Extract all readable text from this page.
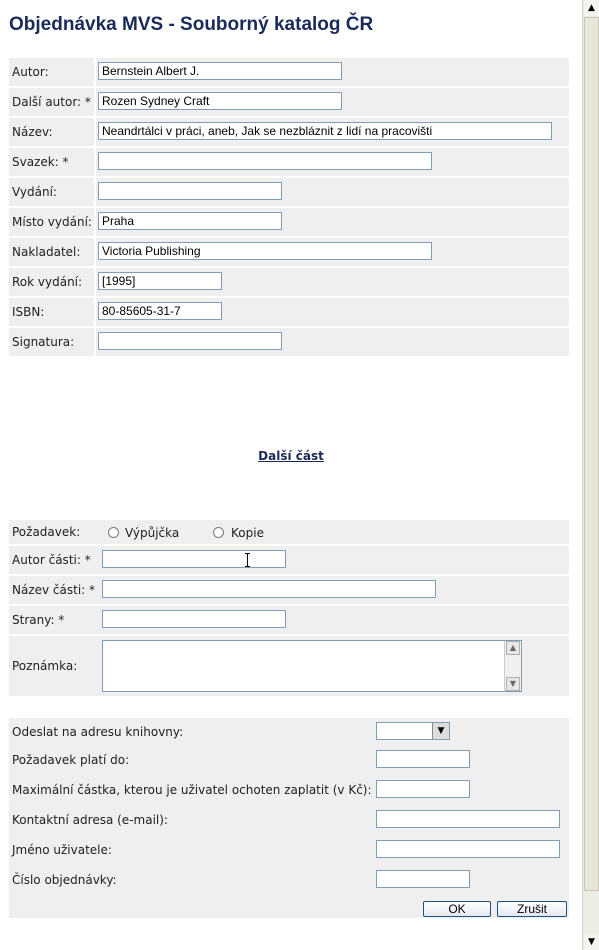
Objednávka MVS - Souborný katalog ČR
Autor:	Bernstein Albert J.
Další autor: * Rozen Sydney Craft
Název:	Neandrtálci v práci, aneb, Jak se nezbláznit z lidí na pracovišti
Svazek: *
Vydání:
Místo vydání: Praha
Nakladatel:	Victoria Publishing
Rok vydání:	[1995]
ISBN:	80-85605-31-7
Signatura:
Další část
Požadavek:	Výpůjčka	Kopie
Autor části: *
Název části: *
Strany: *
Poznámka:
▲
▼
Odeslat na adresu knihovny:	▼
Požadavek platí do:
Maximální částka, kterou je uživatel ochoten zaplatit (v Kč):
Kontaktní adresa (e-mail):
Jméno uživatele:
Číslo objednávky:
OK	Zrušit
▲
▼
